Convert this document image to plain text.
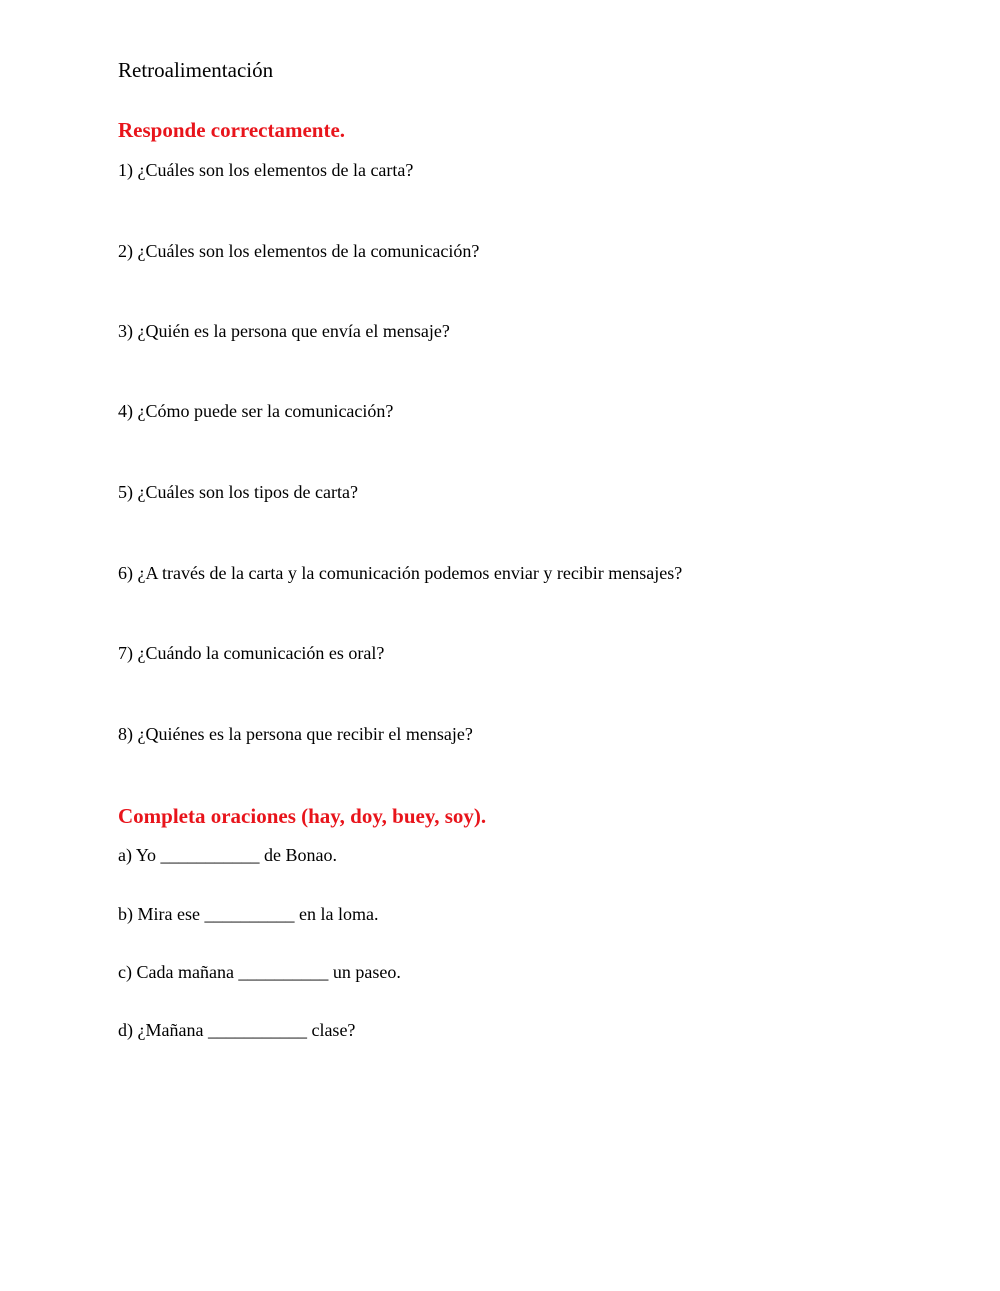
Retroalimentación
Responde correctamente.
1) ¿Cuáles son los elementos de la carta?
2) ¿Cuáles son los elementos de la comunicación?
3) ¿Quién es la persona que envía el mensaje?
4) ¿Cómo puede ser la comunicación?
5) ¿Cuáles son los tipos de carta?
6) ¿A través de la carta y la comunicación podemos enviar y recibir mensajes?
7) ¿Cuándo la comunicación es oral?
8) ¿Quiénes es la persona que recibir el mensaje?
Completa oraciones (hay, doy, buey, soy).
a) Yo ___________ de Bonao.
b) Mira ese __________ en la loma.
c) Cada mañana __________ un paseo.
d) ¿Mañana ___________ clase?
